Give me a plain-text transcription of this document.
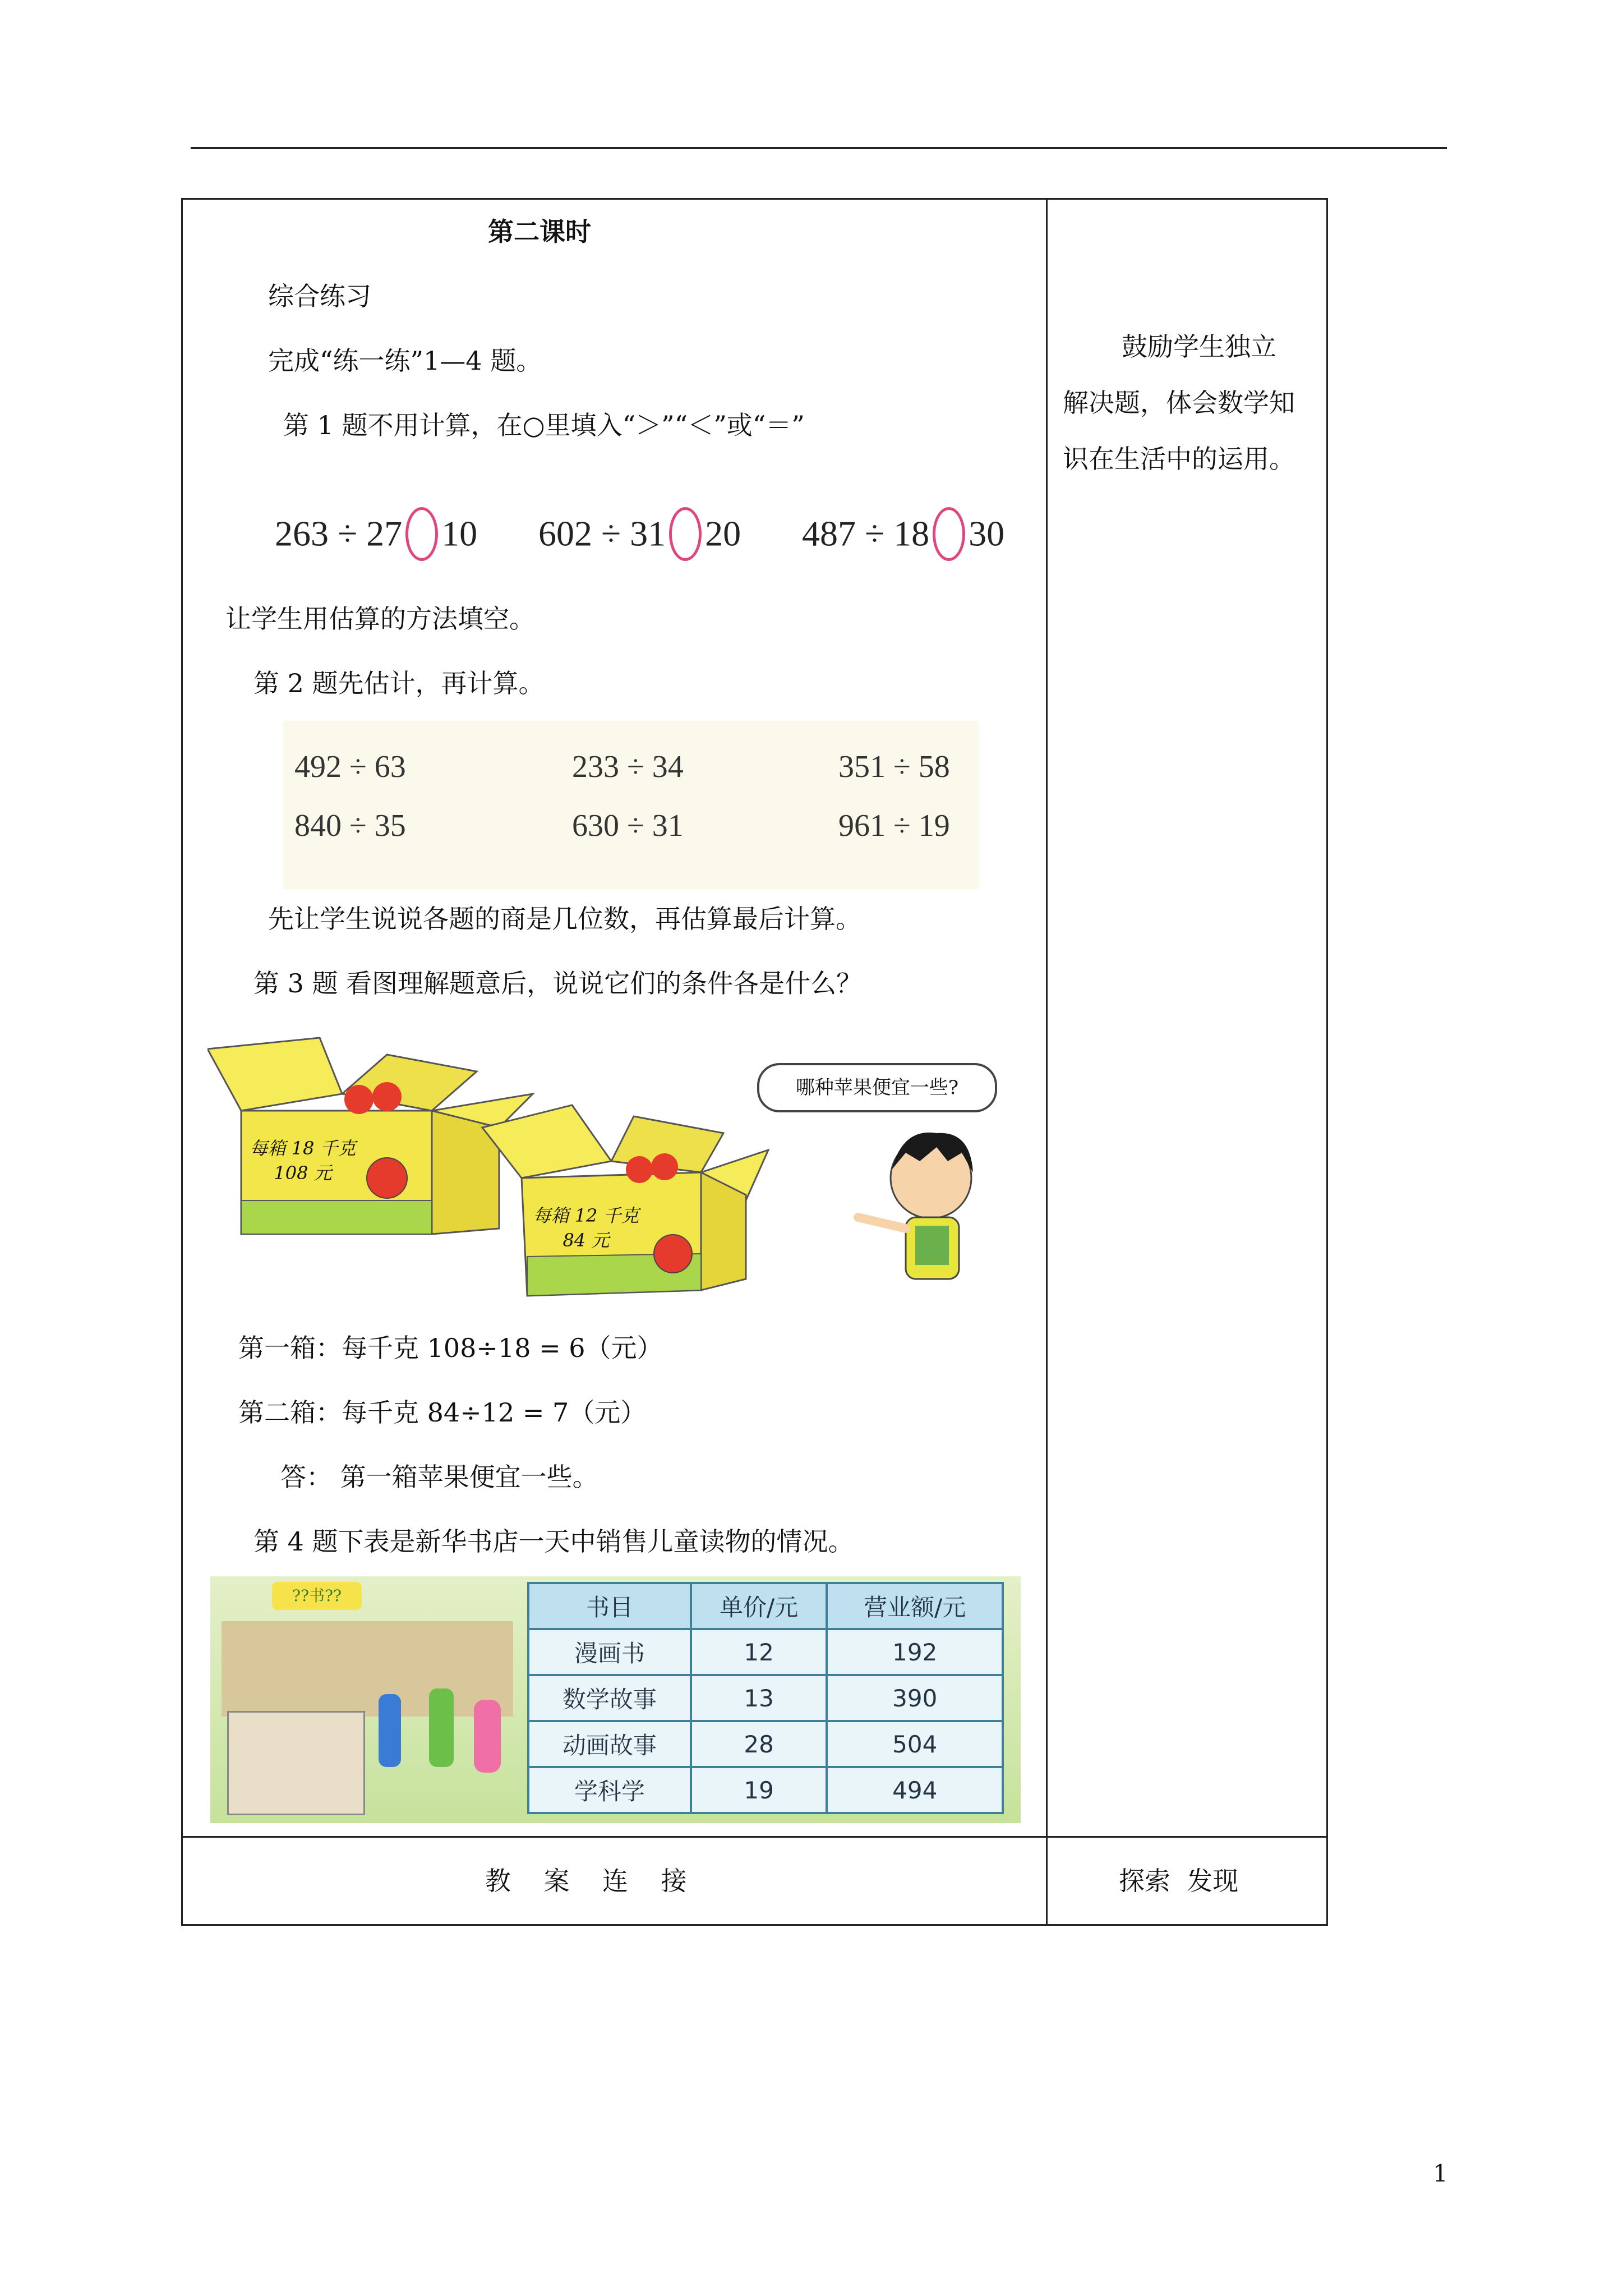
第二课时
综合练习
完成“练一练”1—4 题。
第 1 题不用计算，在○里填入“＞”“＜”或“＝”
263 ÷ 27 10 602 ÷ 31 20 487 ÷ 18 30
让学生用估算的方法填空。
第 2 题先估计，再计算。
492 ÷ 63	233 ÷ 34	351 ÷ 58
840 ÷ 35	630 ÷ 31	961 ÷ 19
先让学生说说各题的商是几位数，再估算最后计算。
第 3 题 看图理解题意后，说说它们的条件各是什么？
每箱 18 千克
108 元
每箱 12 千克
84 元
哪种苹果便宜一些?
第一箱：每千克 108÷18 = 6（元）
第二箱：每千克 84÷12 = 7（元）
答： 第一箱苹果便宜一些。
第 4 题下表是新华书店一天中销售儿童读物的情况。
??书??	书目	单价/元	营业额/元
漫画书	12	192
数学故事	13	390
动画故事	28	504
学科学	19	494
鼓励学生独立
解决题，体会数学知
识在生活中的运用。
教    案    连    接	探索  发现
1
